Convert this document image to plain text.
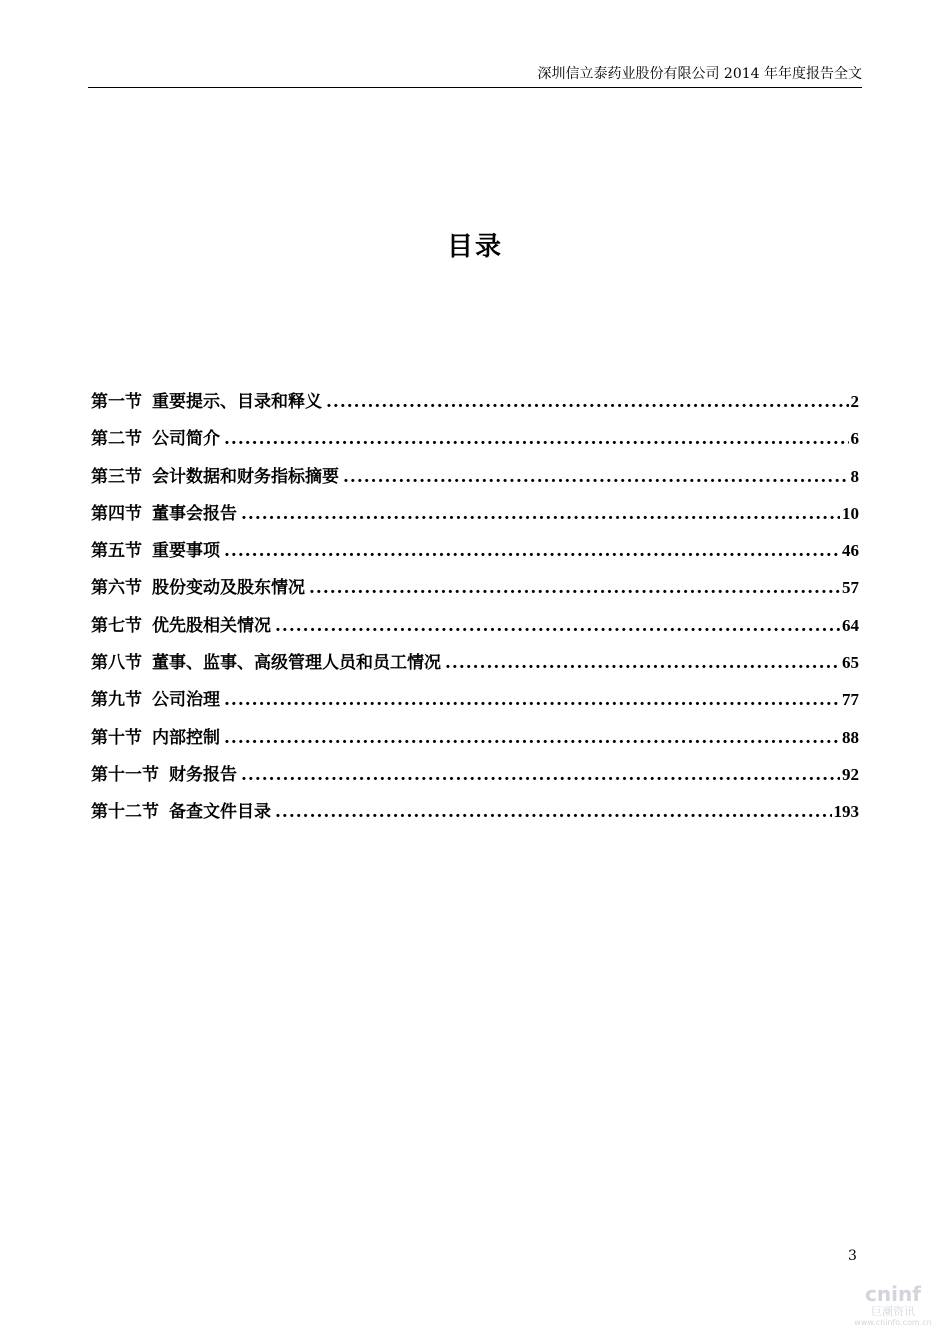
深圳信立泰药业股份有限公司 2014 年年度报告全文
目录
第一节 重要提示、目录和释义 .....	2
第二节 公司简介 .....	6
第三节 会计数据和财务指标摘要 .....	8
第四节 董事会报告 .....	10
第五节 重要事项 .....	46
第六节 股份变动及股东情况 .....	57
第七节 优先股相关情况 .....	64
第八节 董事、监事、高级管理人员和员工情况 .....	65
第九节 公司治理 .....	77
第十节 内部控制 .....	88
第十一节 财务报告 .....	92
第十二节 备查文件目录 .....	193
3
cninf
巨潮资讯
www.cninfo.com.cn
